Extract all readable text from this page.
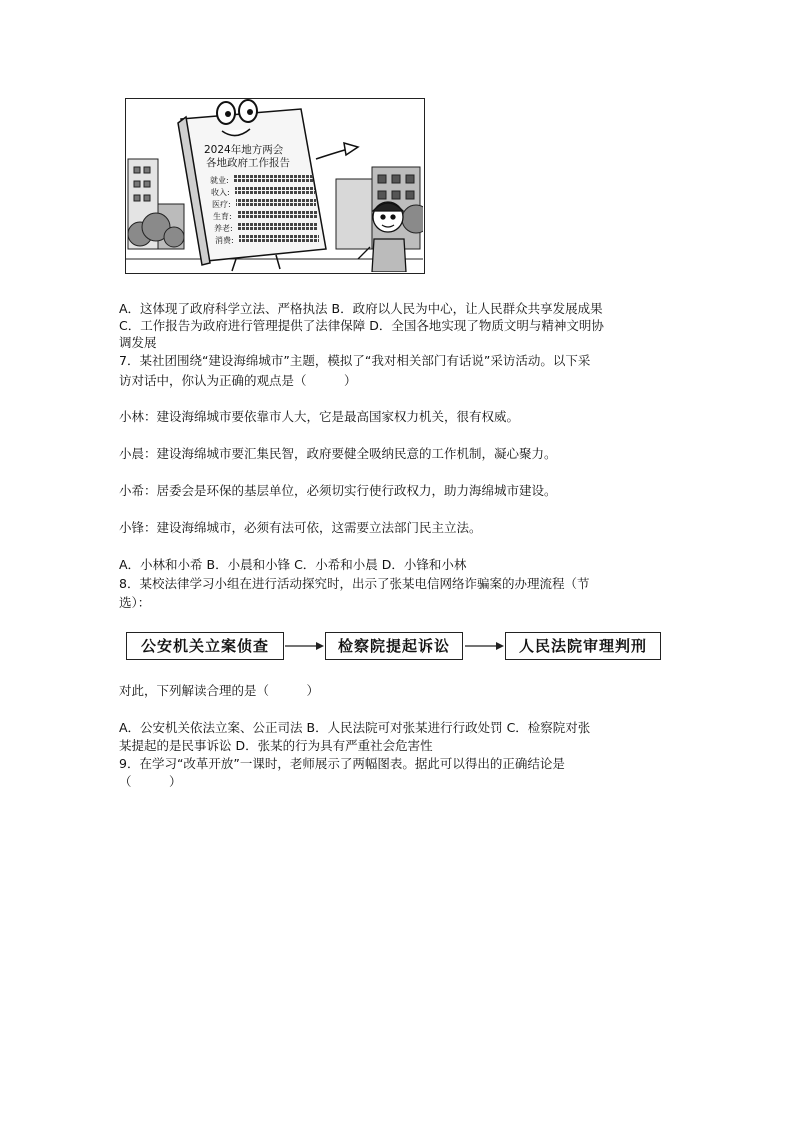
2024年地方两会
各地政府工作报告
就业:
收入:
医疗:
生育:
养老:
消费:
A．这体现了政府科学立法、严格执法 B．政府以人民为中心，让人民群众共享发展成果
C．工作报告为政府进行管理提供了法律保障 D．全国各地实现了物质文明与精神文明协
调发展
7．某社团围绕“建设海绵城市”主题，模拟了“我对相关部门有话说”采访活动。以下采
访对话中，你认为正确的观点是（　　　）
小林：建设海绵城市要依靠市人大，它是最高国家权力机关，很有权威。
小晨：建设海绵城市要汇集民智，政府要健全吸纳民意的工作机制，凝心聚力。
小希：居委会是环保的基层单位，必须切实行使行政权力，助力海绵城市建设。
小锋：建设海绵城市，必须有法可依，这需要立法部门民主立法。
A．小林和小希 B．小晨和小锋 C．小希和小晨 D．小锋和小林
8．某校法律学习小组在进行活动探究时，出示了张某电信网络诈骗案的办理流程（节
选）：
公安机关立案侦查	检察院提起诉讼	人民法院审理判刑
对此，下列解读合理的是（　　　）
A．公安机关依法立案、公正司法 B．人民法院可对张某进行行政处罚 C．检察院对张
某提起的是民事诉讼 D．张某的行为具有严重社会危害性
9．在学习“改革开放”一课时，老师展示了两幅图表。据此可以得出的正确结论是
（　　　）
